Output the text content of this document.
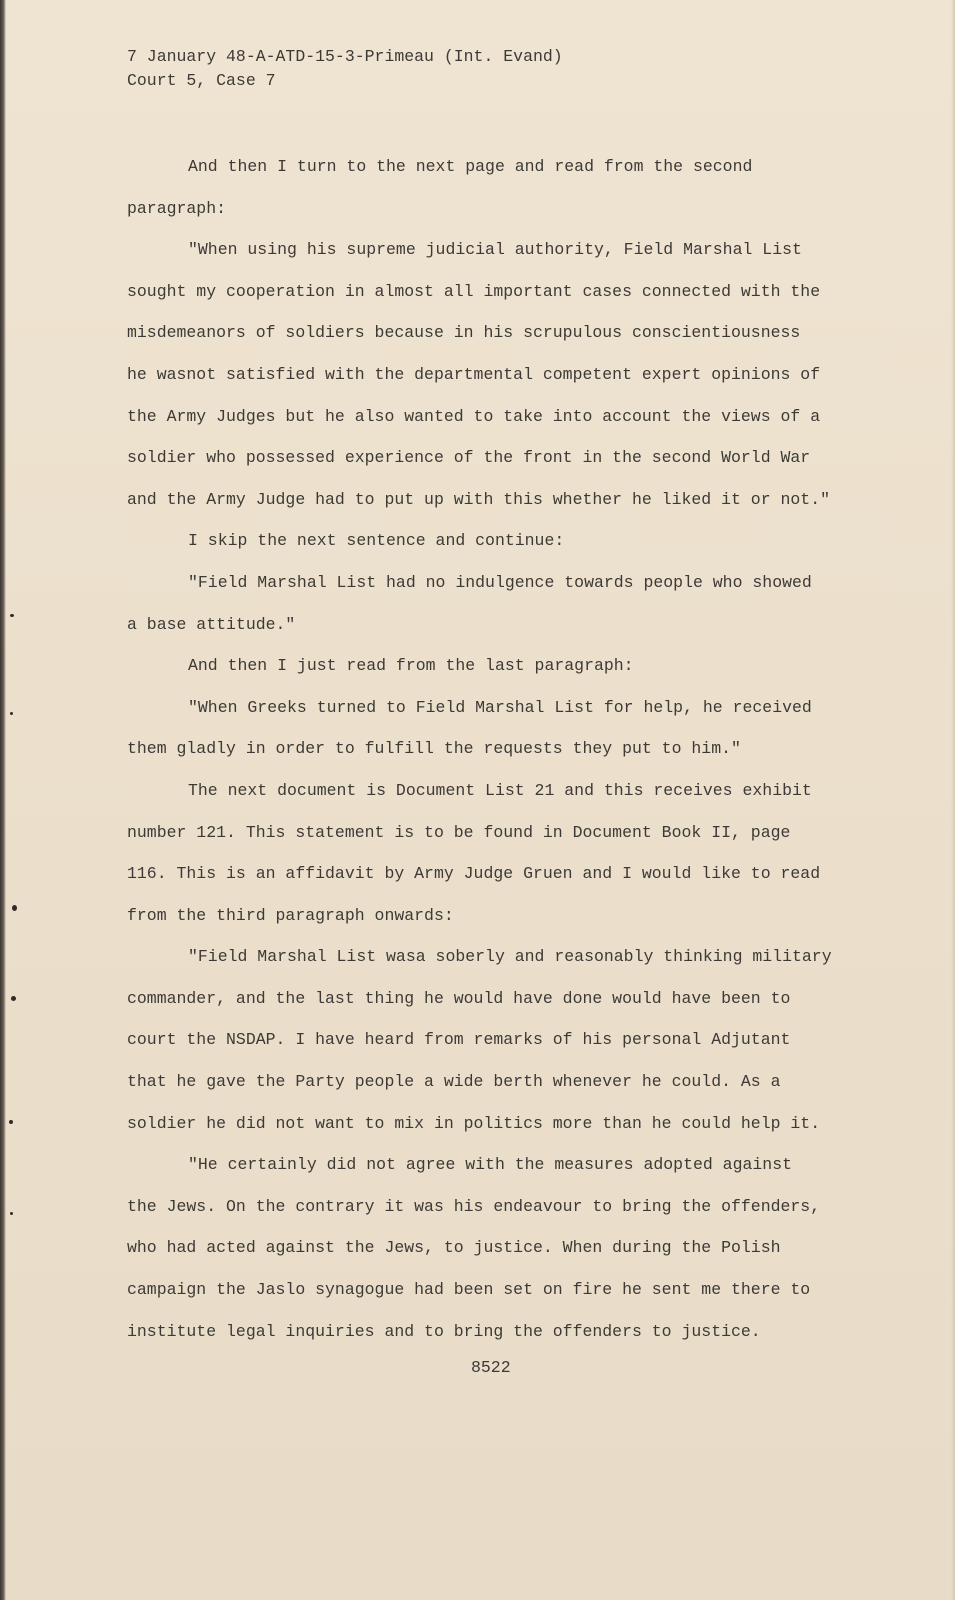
7 January 48-A-ATD-15-3-Primeau (Int. Evand)
Court 5, Case 7

And then I turn to the next page and read from the second

paragraph:

"When using his supreme judicial authority, Field Marshal List

sought my cooperation in almost all important cases connected with the

misdemeanors of soldiers because in his scrupulous conscientiousness

he wasnot satisfied with the departmental competent expert opinions of

the Army Judges but he also wanted to take into account the views of a

soldier who possessed experience of the front in the second World War

and the Army Judge had to put up with this whether he liked it or not."

I skip the next sentence and continue:

"Field Marshal List had no indulgence towards people who showed

a base attitude."

And then I just read from the last paragraph:

"When Greeks turned to Field Marshal List for help, he received

them gladly in order to fulfill the requests they put to him."

The next document is Document List 21 and this receives exhibit

number 121. This statement is to be found in Document Book II, page

116. This is an affidavit by Army Judge Gruen and I would like to read

from the third paragraph onwards:

"Field Marshal List wasa soberly and reasonably thinking military

commander, and the last thing he would have done would have been to

court the NSDAP. I have heard from remarks of his personal Adjutant

that he gave the Party people a wide berth whenever he could. As a

soldier he did not want to mix in politics more than he could help it.

"He certainly did not agree with the measures adopted against

the Jews. On the contrary it was his endeavour to bring the offenders,

who had acted against the Jews, to justice. When during the Polish

campaign the Jaslo synagogue had been set on fire he sent me there to

institute legal inquiries and to bring the offenders to justice.

8522
